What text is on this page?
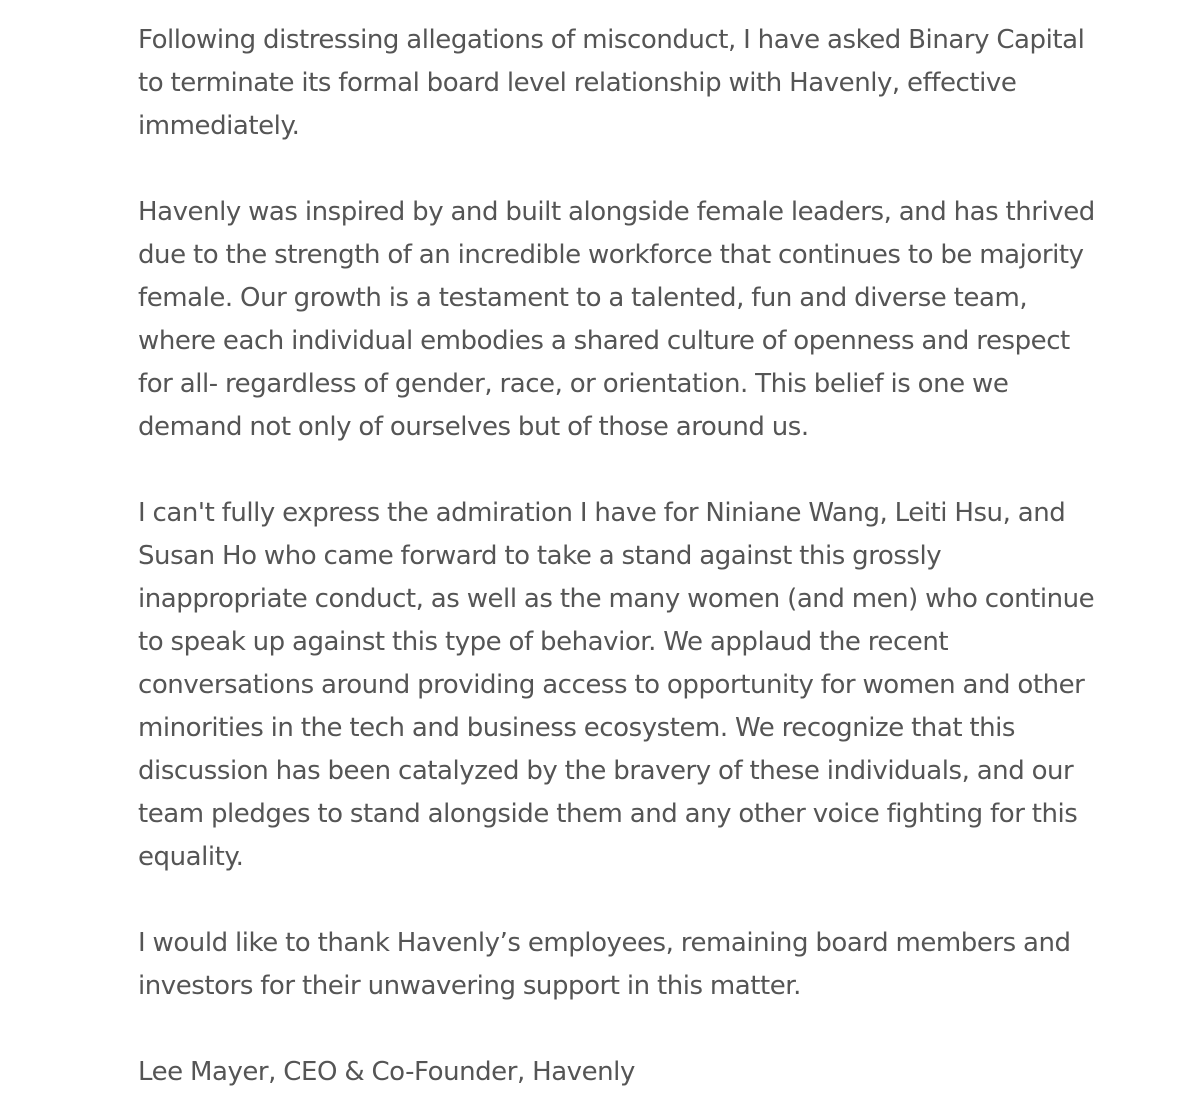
Following distressing allegations of misconduct, I have asked Binary Capital
to terminate its formal board level relationship with Havenly, effective
immediately.

Havenly was inspired by and built alongside female leaders, and has thrived
due to the strength of an incredible workforce that continues to be majority
female. Our growth is a testament to a talented, fun and diverse team,
where each individual embodies a shared culture of openness and respect
for all- regardless of gender, race, or orientation. This belief is one we
demand not only of ourselves but of those around us.

I can't fully express the admiration I have for Niniane Wang, Leiti Hsu, and
Susan Ho who came forward to take a stand against this grossly
inappropriate conduct, as well as the many women (and men) who continue
to speak up against this type of behavior. We applaud the recent
conversations around providing access to opportunity for women and other
minorities in the tech and business ecosystem. We recognize that this
discussion has been catalyzed by the bravery of these individuals, and our
team pledges to stand alongside them and any other voice fighting for this
equality.

I would like to thank Havenly’s employees, remaining board members and
investors for their unwavering support in this matter.

Lee Mayer, CEO & Co-Founder, Havenly
